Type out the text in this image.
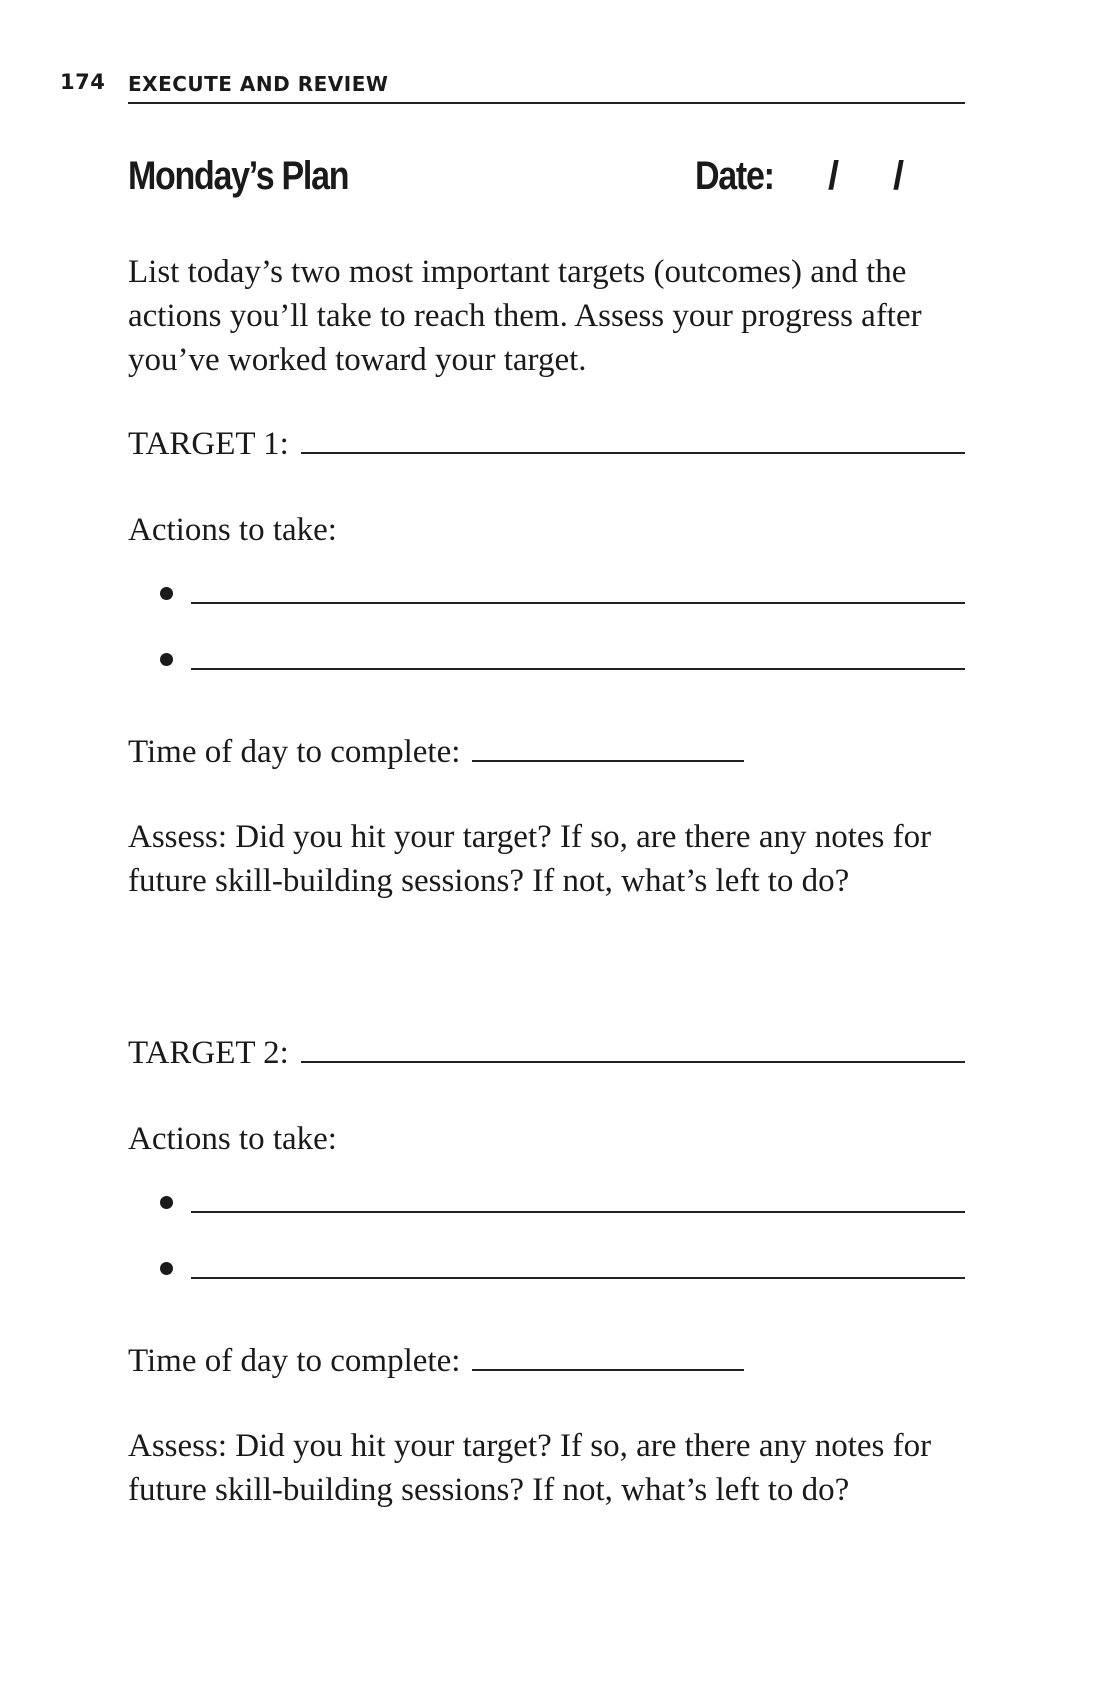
174 EXECUTE AND REVIEW
Monday’s Plan	Date: / /
List today’s two most important targets (outcomes) and the actions you’ll take to reach them. Assess your progress after you’ve worked toward your target.
TARGET 1:
Actions to take:
Time of day to complete:
Assess: Did you hit your target? If so, are there any notes for future skill-building sessions? If not, what’s left to do?
TARGET 2:
Actions to take:
Time of day to complete:
Assess: Did you hit your target? If so, are there any notes for future skill-building sessions? If not, what’s left to do?
